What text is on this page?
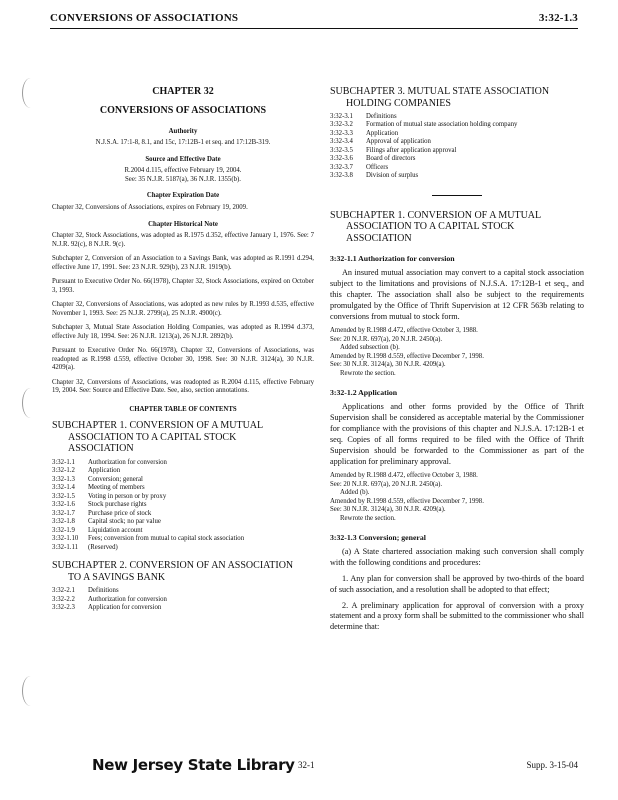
CONVERSIONS OF ASSOCIATIONS	3:32-1.3
CHAPTER 32
CONVERSIONS OF ASSOCIATIONS
Authority
N.J.S.A. 17:1-8, 8.1, and 15c, 17:12B-1 et seq. and 17:12B-319.
Source and Effective Date
R.2004 d.115, effective February 19, 2004.
See: 35 N.J.R. 5187(a), 36 N.J.R. 1355(b).
Chapter Expiration Date

Chapter 32, Conversions of Associations, expires on February 19, 2009.

Chapter Historical Note

Chapter 32, Stock Associations, was adopted as R.1975 d.352, effective January 1, 1976. See: 7 N.J.R. 92(c), 8 N.J.R. 9(c).

Subchapter 2, Conversion of an Association to a Savings Bank, was adopted as R.1991 d.294, effective June 17, 1991. See: 23 N.J.R. 929(b), 23 N.J.R. 1919(b).

Pursuant to Executive Order No. 66(1978), Chapter 32, Stock Associations, expired on October 3, 1993.

Chapter 32, Conversions of Associations, was adopted as new rules by R.1993 d.535, effective November 1, 1993. See: 25 N.J.R. 2799(a), 25 N.J.R. 4900(c).

Subchapter 3, Mutual State Association Holding Companies, was adopted as R.1994 d.373, effective July 18, 1994. See: 26 N.J.R. 1213(a), 26 N.J.R. 2892(b).

Pursuant to Executive Order No. 66(1978), Chapter 32, Conversions of Associations, was readopted as R.1998 d.559, effective October 30, 1998. See: 30 N.J.R. 3124(a), 30 N.J.R. 4209(a).

Chapter 32, Conversions of Associations, was readopted as R.2004 d.115, effective February 19, 2004. See: Source and Effective Date. See, also, section annotations.

CHAPTER TABLE OF CONTENTS
SUBCHAPTER 1. CONVERSION OF A MUTUAL
ASSOCIATION TO A CAPITAL STOCK
ASSOCIATION
3:32-1.1	Authorization for conversion
3:32-1.2	Application
3:32-1.3	Conversion; general
3:32-1.4	Meeting of members
3:32-1.5	Voting in person or by proxy
3:32-1.6	Stock purchase rights
3:32-1.7	Purchase price of stock
3:32-1.8	Capital stock; no par value
3:32-1.9	Liquidation account
3:32-1.10	Fees; conversion from mutual to capital stock association
3:32-1.11	(Reserved)
SUBCHAPTER 2. CONVERSION OF AN ASSOCIATION
TO A SAVINGS BANK
3:32-2.1	Definitions
3:32-2.2	Authorization for conversion
3:32-2.3	Application for conversion
SUBCHAPTER 3. MUTUAL STATE ASSOCIATION
HOLDING COMPANIES
3:32-3.1	Definitions
3:32-3.2	Formation of mutual state association holding company
3:32-3.3	Application
3:32-3.4	Approval of application
3:32-3.5	Filings after application approval
3:32-3.6	Board of directors
3:32-3.7	Officers
3:32-3.8	Division of surplus
SUBCHAPTER 1. CONVERSION OF A MUTUAL
ASSOCIATION TO A CAPITAL STOCK
ASSOCIATION
3:32-1.1 Authorization for conversion

An insured mutual association may convert to a capital stock association subject to the limitations and provisions of N.J.S.A. 17:12B-1 et seq., and this chapter. The association shall also be subject to the requirements promulgated by the Office of Thrift Supervision at 12 CFR 563b relating to conversions from mutual to stock form.

Amended by R.1988 d.472, effective October 3, 1988.
See: 20 N.J.R. 697(a), 20 N.J.R. 2450(a).
Added subsection (b).
Amended by R.1998 d.559, effective December 7, 1998.
See: 30 N.J.R. 3124(a), 30 N.J.R. 4209(a).
Rewrote the section.
3:32-1.2 Application

Applications and other forms provided by the Office of Thrift Supervision shall be considered as acceptable material by the Commissioner for compliance with the provisions of this chapter and N.J.S.A. 17:12B-1 et seq. Copies of all forms required to be filed with the Office of Thrift Supervision should be forwarded to the Commissioner as part of the application for preliminary approval.

Amended by R.1988 d.472, effective October 3, 1988.
See: 20 N.J.R. 697(a), 20 N.J.R. 2450(a).
Added (b).
Amended by R.1998 d.559, effective December 7, 1998.
See: 30 N.J.R. 3124(a), 30 N.J.R. 4209(a).
Rewrote the section.
3:32-1.3 Conversion; general

(a) A State chartered association making such conversion shall comply with the following conditions and procedures:

1. Any plan for conversion shall be approved by two-thirds of the board of such association, and a resolution shall be adopted to that effect;

2. A preliminary application for approval of conversion with a proxy statement and a proxy form shall be submitted to the commissioner who shall determine that:

New Jersey State Library 32-1	Supp. 3-15-04
